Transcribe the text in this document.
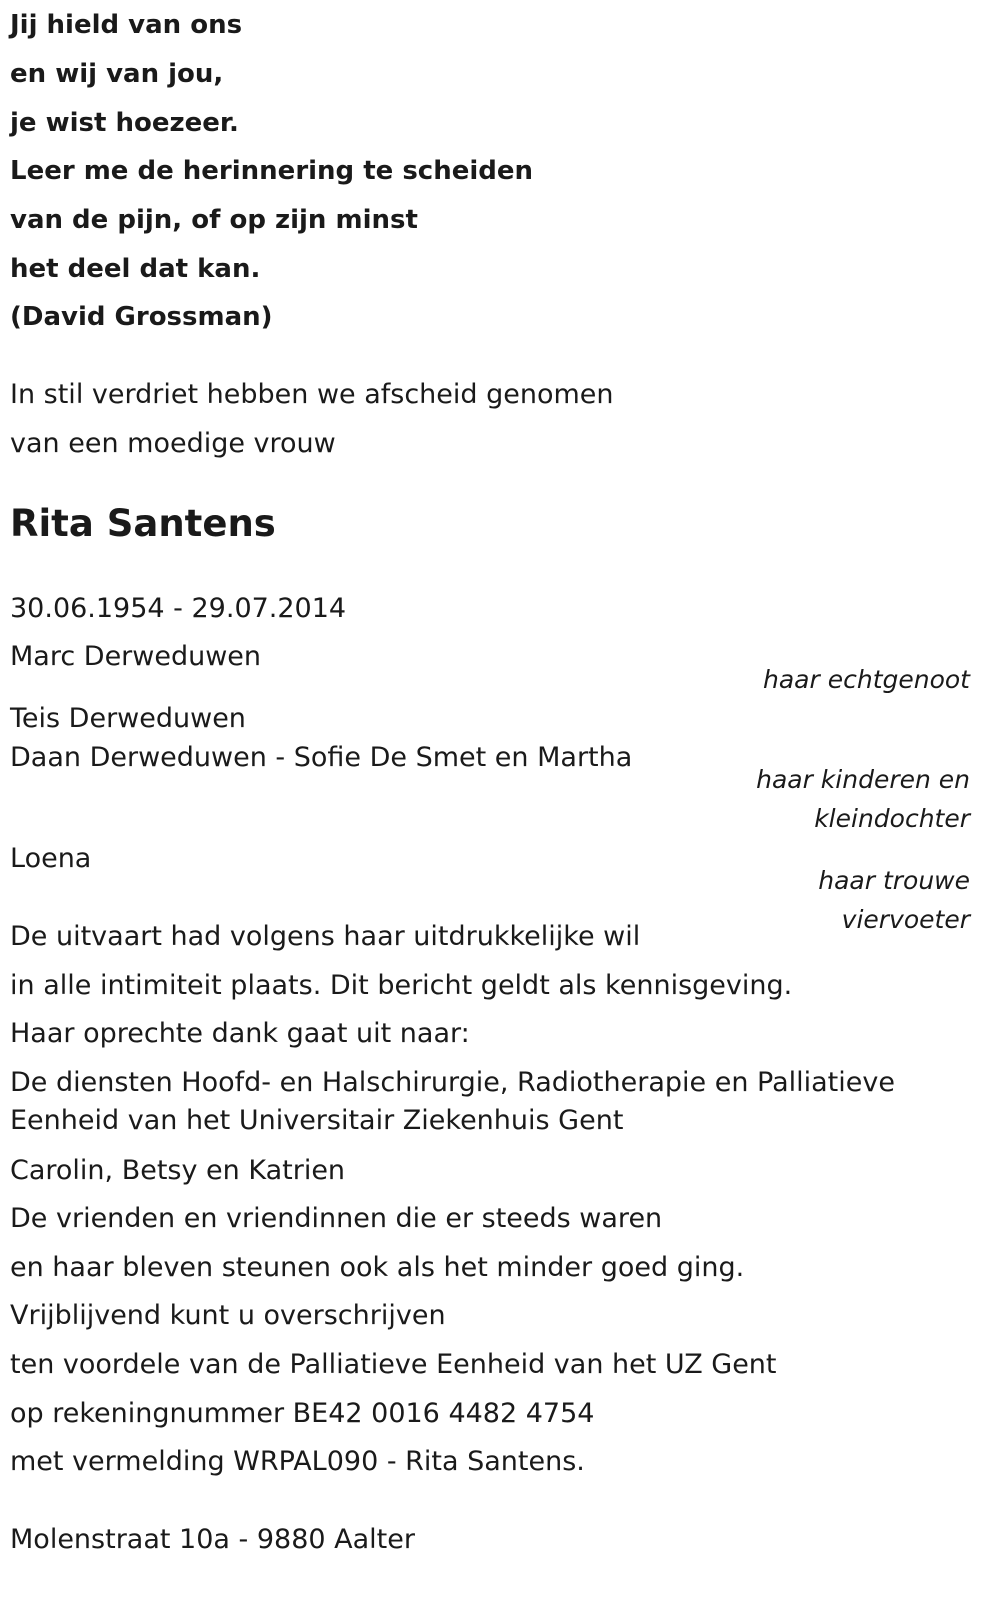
Jij hield van ons
en wij van jou,
je wist hoezeer.
Leer me de herinnering te scheiden
van de pijn, of op zijn minst
het deel dat kan.
(David Grossman)
In stil verdriet hebben we afscheid genomen
van een moedige vrouw
Rita Santens
30.06.1954 - 29.07.2014
Marc Derweduwen
haar echtgenoot
Teis Derweduwen
Daan Derweduwen - Sofie De Smet en Martha
haar kinderen en
kleindochter
Loena
haar trouwe
viervoeter
De uitvaart had volgens haar uitdrukkelijke wil
in alle intimiteit plaats. Dit bericht geldt als kennisgeving.
Haar oprechte dank gaat uit naar:
De diensten Hoofd- en Halschirurgie, Radiotherapie en Palliatieve
Eenheid van het Universitair Ziekenhuis Gent
Carolin, Betsy en Katrien
De vrienden en vriendinnen die er steeds waren
en haar bleven steunen ook als het minder goed ging.
Vrijblijvend kunt u overschrijven
ten voordele van de Palliatieve Eenheid van het UZ Gent
op rekeningnummer BE42 0016 4482 4754
met vermelding WRPAL090 - Rita Santens.
Molenstraat 10a - 9880 Aalter
